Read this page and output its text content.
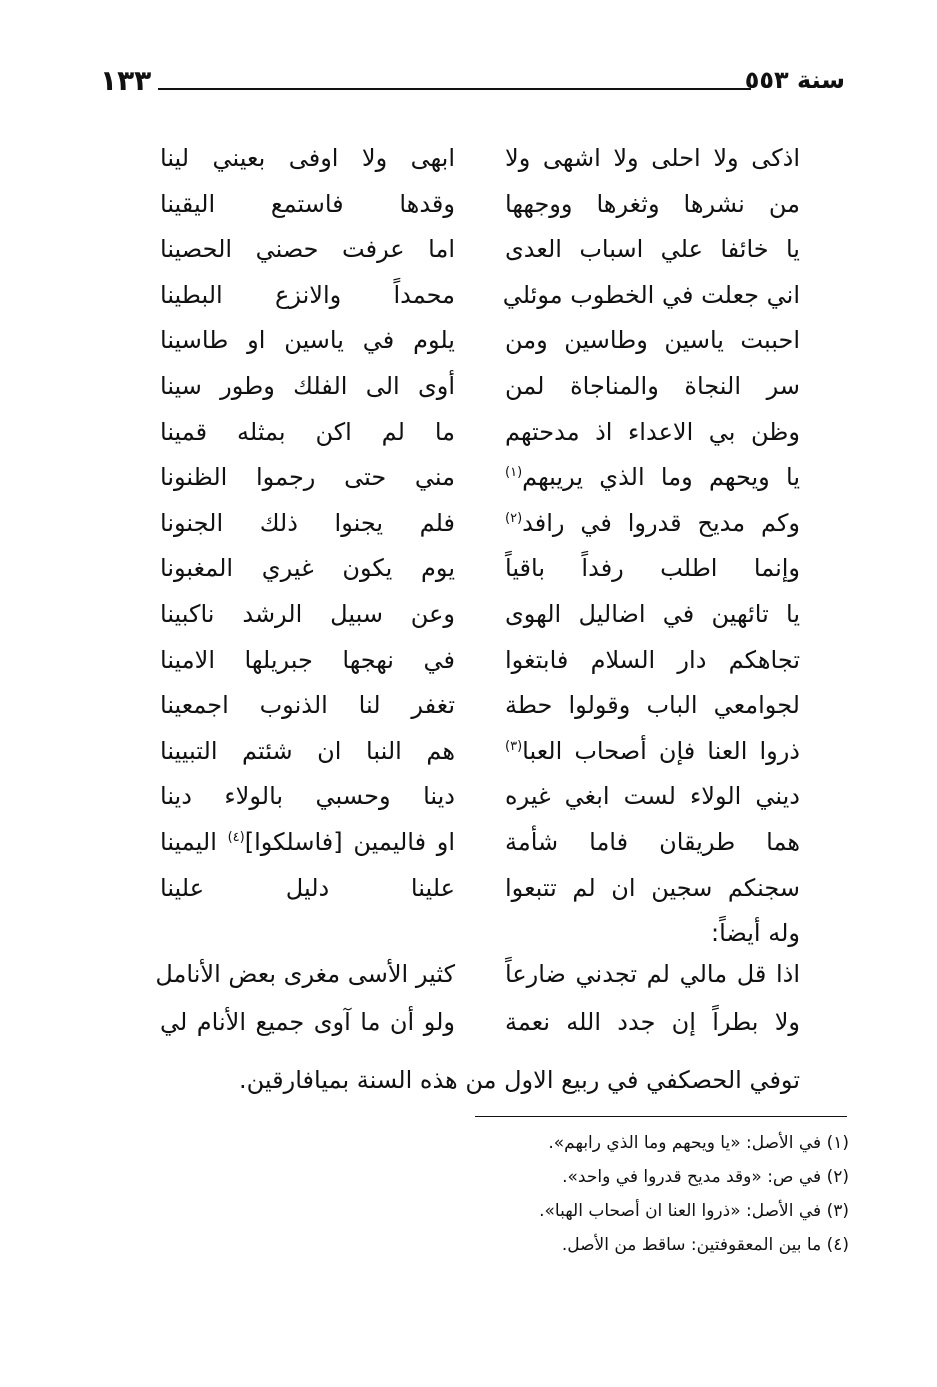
سنة ٥٥٣
١٣٣
اذكى ولا احلى ولا اشهى ولا
ابهى ولا اوفى بعيني لينا
من نشرها وثغرها ووجهها
وقدها فاستمع اليقينا
يا خائفا علي اسباب العدى
اما عرفت حصني الحصينا
اني جعلت في الخطوب موئلي
محمداً والانزع البطينا
احببت ياسين وطاسين ومن
يلوم في ياسين او طاسينا
سر النجاة والمناجاة لمن
أوى الى الفلك وطور سينا
وظن بي الاعداء اذ مدحتهم
ما لم اكن بمثله قمينا
يا ويحهم وما الذي يريبهم$^{(١)}$
مني حتى رجموا الظنونا
وكم مديح قدروا في رافد$^{(٢)}$
فلم يجنوا ذلك الجنونا
وإنما اطلب رفداً باقياً
يوم يكون غيري المغبونا
يا تائهين في اضاليل الهوى
وعن سبيل الرشد ناكبينا
تجاهكم دار السلام فابتغوا
في نهجها جبريلها الامينا
لجوامعي الباب وقولوا حطة
تغفر لنا الذنوب اجمعينا
ذروا العنا فإن أصحاب العبا$^{(٣)}$
هم النبا ان شئتم التبيينا
ديني الولاء لست ابغي غيره
دينا وحسبي بالولاء دينا
هما طريقان فاما شأمة
او فاليمين [فاسلكوا]$^{(٤)}$ اليمينا
سجنكم سجين ان لم تتبعوا
علينا دليل علينا
وله أيضاً:
اذا قل مالي لم تجدني ضارعاً
كثير الأسى مغرى بعض الأنامل
ولا بطراً إن جدد الله نعمة
ولو أن ما آوى جميع الأنام لي
توفي الحصكفي في ربيع الاول من هذه السنة بميافارقين.
(١) في الأصل: «يا ويحهم وما الذي رابهم».
(٢) في ص: «وقد مديح قدروا في واحد».
(٣) في الأصل: «ذروا العنا ان أصحاب الهبا».
(٤) ما بين المعقوفتين: ساقط من الأصل.
